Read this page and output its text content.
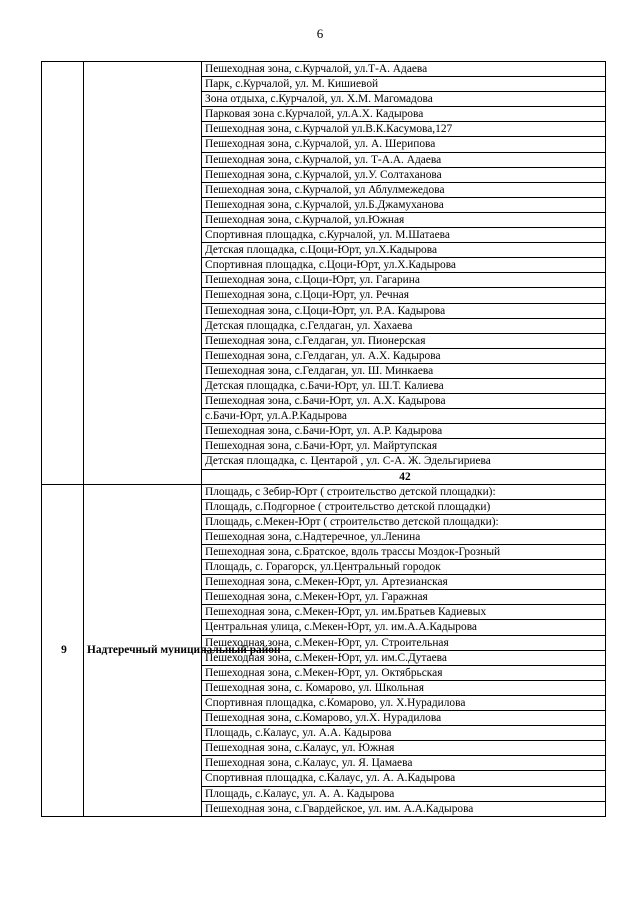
6
		Пешеходная зона, с.Курчалой, ул.Т-А. Адаева
		Парк, с.Курчалой, ул. М. Кишиевой
		Зона отдыха, с.Курчалой, ул. Х.М. Магомадова
		Парковая зона с.Курчалой, ул.А.Х. Кадырова
		Пешеходная зона, с.Курчалой ул.В.К.Касумова,127
		Пешеходная зона, с.Курчалой, ул. А. Шерипова
		Пешеходная зона, с.Курчалой, ул. Т-А.А. Адаева
		Пешеходная зона, с.Курчалой, ул.У. Солтаханова
		Пешеходная зона, с.Курчалой, ул Аблулмежедова
		Пешеходная зона, с.Курчалой, ул.Б.Джамуханова
		Пешеходная зона, с.Курчалой, ул.Южная
		Спортивная площадка, с.Курчалой, ул. М.Шатаева
		Детская площадка, с.Цоци-Юрт, ул.Х.Кадырова
		Спортивная площадка, с.Цоци-Юрт, ул.Х.Кадырова
		Пешеходная зона, с.Цоци-Юрт, ул. Гагарина
		Пешеходная зона, с.Цоци-Юрт, ул. Речная
		Пешеходная зона, с.Цоци-Юрт, ул. Р.А. Кадырова
		Детская площадка, с.Гелдаган, ул. Хахаева
		Пешеходная зона, с.Гелдаган, ул. Пионерская
		Пешеходная зона, с.Гелдаган, ул. А.Х. Кадырова
		Пешеходная зона, с.Гелдаган, ул. Ш. Минкаева
		Детская площадка, с.Бачи-Юрт, ул. Ш.Т. Калиева
		Пешеходная зона, с.Бачи-Юрт, ул. А.Х. Кадырова
		с.Бачи-Юрт, ул.А.Р.Кадырова
		Пешеходная зона, с.Бачи-Юрт, ул. А.Р. Кадырова
		Пешеходная зона, с.Бачи-Юрт, ул. Майртупская
		Детская площадка, с. Центарой , ул. С-А. Ж. Эдельгириева
		42
9	Надтеречный муниципальный район	Площадь, с Зебир-Юрт ( строительство детской площадки):
		Площадь, с.Подгорное ( строительство детской площадки)
		Площадь, с.Мекен-Юрт ( строительство детской площадки):
		Пешеходная зона, с.Надтеречное, ул.Ленина
		Пешеходная зона, с.Братское, вдоль трассы Моздок-Грозный
		Площадь, с. Горагорск, ул.Центральный городок
		Пешеходная зона, с.Мекен-Юрт, ул. Артезианская
		Пешеходная зона, с.Мекен-Юрт, ул. Гаражная
		Пешеходная зона, с.Мекен-Юрт, ул. им.Братьев Кадиевых
		Центральная улица, с.Мекен-Юрт, ул. им.А.А.Кадырова
		Пешеходная зона, с.Мекен-Юрт, ул. Строительная
		Пешеходная зона, с.Мекен-Юрт, ул. им.С.Дутаева
		Пешеходная зона, с.Мекен-Юрт, ул. Октябрьская
		Пешеходная зона, с. Комарово, ул. Школьная
		Спортивная площадка, с.Комарово, ул. Х.Нурадилова
		Пешеходная зона, с.Комарово, ул.Х. Нурадилова
		Площадь, с.Калаус, ул. А.А. Кадырова
		Пешеходная зона, с.Калаус, ул. Южная
		Пешеходная зона, с.Калаус, ул. Я. Цамаева
		Спортивная площадка, с.Калаус, ул. А. А.Кадырова
		Площадь, с.Калаус, ул. А. А. Кадырова
		Пешеходная зона, с.Гвардейское, ул. им. А.А.Кадырова
